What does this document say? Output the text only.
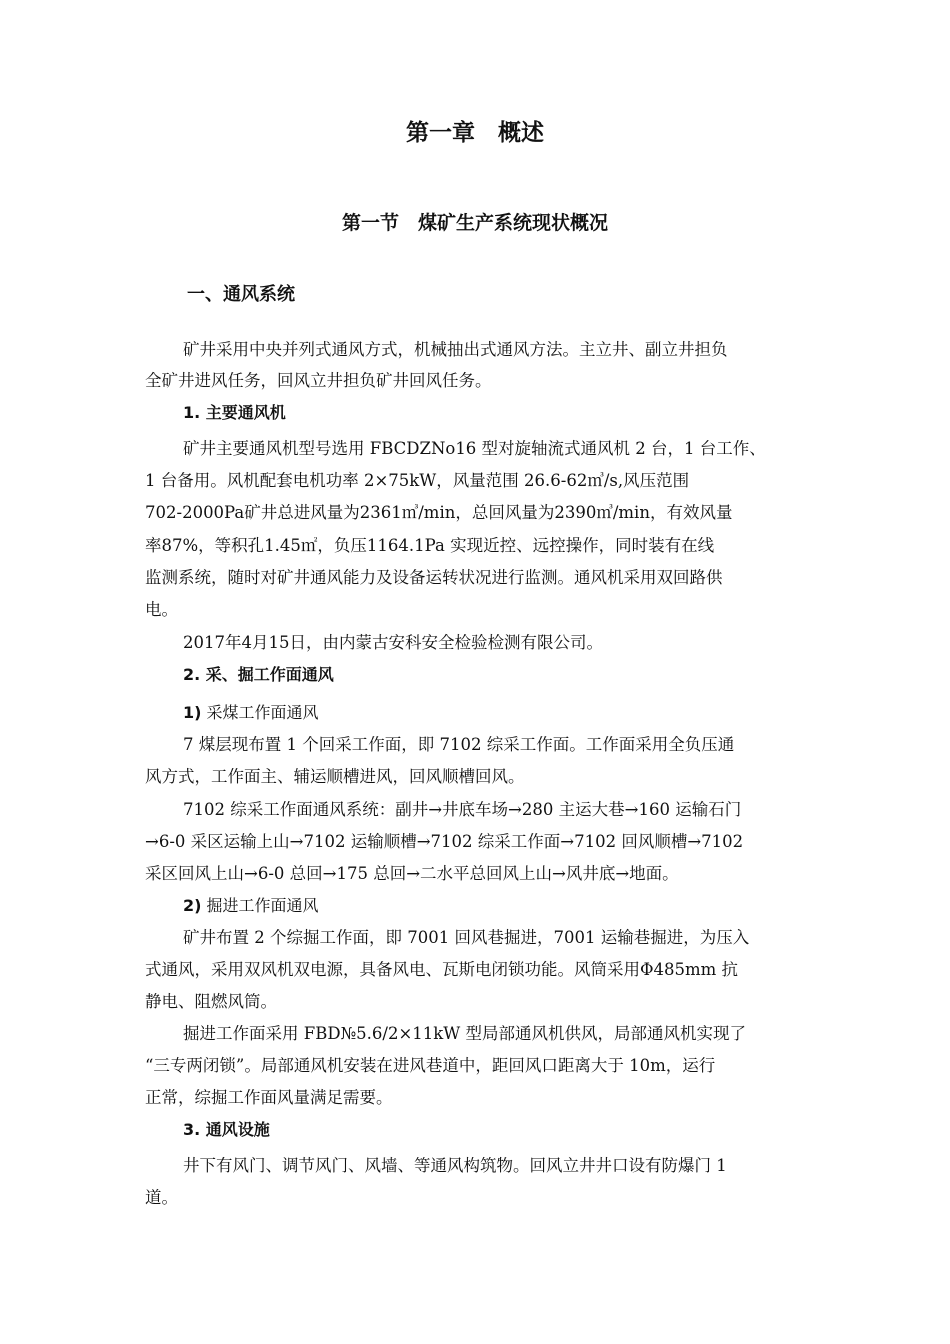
第一章　概述
第一节　煤矿生产系统现状概况
一、通风系统
矿井采用中央并列式通风方式，机械抽出式通风方法。主立井、副立井担负
全矿井进风任务，回风立井担负矿井回风任务。
1. 主要通风机
矿井主要通风机型号选用 FBCDZNo16 型对旋轴流式通风机 2 台，1 台工作、
1 台备用。风机配套电机功率 2×75kW，风量范围 26.6-62㎥/s,风压范围
702-2000Pa矿井总进风量为2361㎥/min，总回风量为2390㎥/min，有效风量
率87%，等积孔1.45㎡，负压1164.1Pa 实现近控、远控操作，同时装有在线
监测系统，随时对矿井通风能力及设备运转状况进行监测。通风机采用双回路供
电。
2017年4月15日，由内蒙古安科安全检验检测有限公司。
2. 采、掘工作面通风
1) 采煤工作面通风
7 煤层现布置 1 个回采工作面，即 7102 综采工作面。工作面采用全负压通
风方式，工作面主、辅运顺槽进风，回风顺槽回风。
7102 综采工作面通风系统：副井→井底车场→280 主运大巷→160 运输石门
→6-0 采区运输上山→7102 运输顺槽→7102 综采工作面→7102 回风顺槽→7102
采区回风上山→6-0 总回→175 总回→二水平总回风上山→风井底→地面。
2) 掘进工作面通风
矿井布置 2 个综掘工作面，即 7001 回风巷掘进，7001 运输巷掘进，为压入
式通风，采用双风机双电源，具备风电、瓦斯电闭锁功能。风筒采用Φ485mm 抗
静电、阻燃风筒。
掘进工作面采用 FBD№5.6/2×11kW 型局部通风机供风，局部通风机实现了
“三专两闭锁”。局部通风机安装在进风巷道中，距回风口距离大于 10m，运行
正常，综掘工作面风量满足需要。
3. 通风设施
井下有风门、调节风门、风墙、等通风构筑物。回风立井井口设有防爆门 1
道。
